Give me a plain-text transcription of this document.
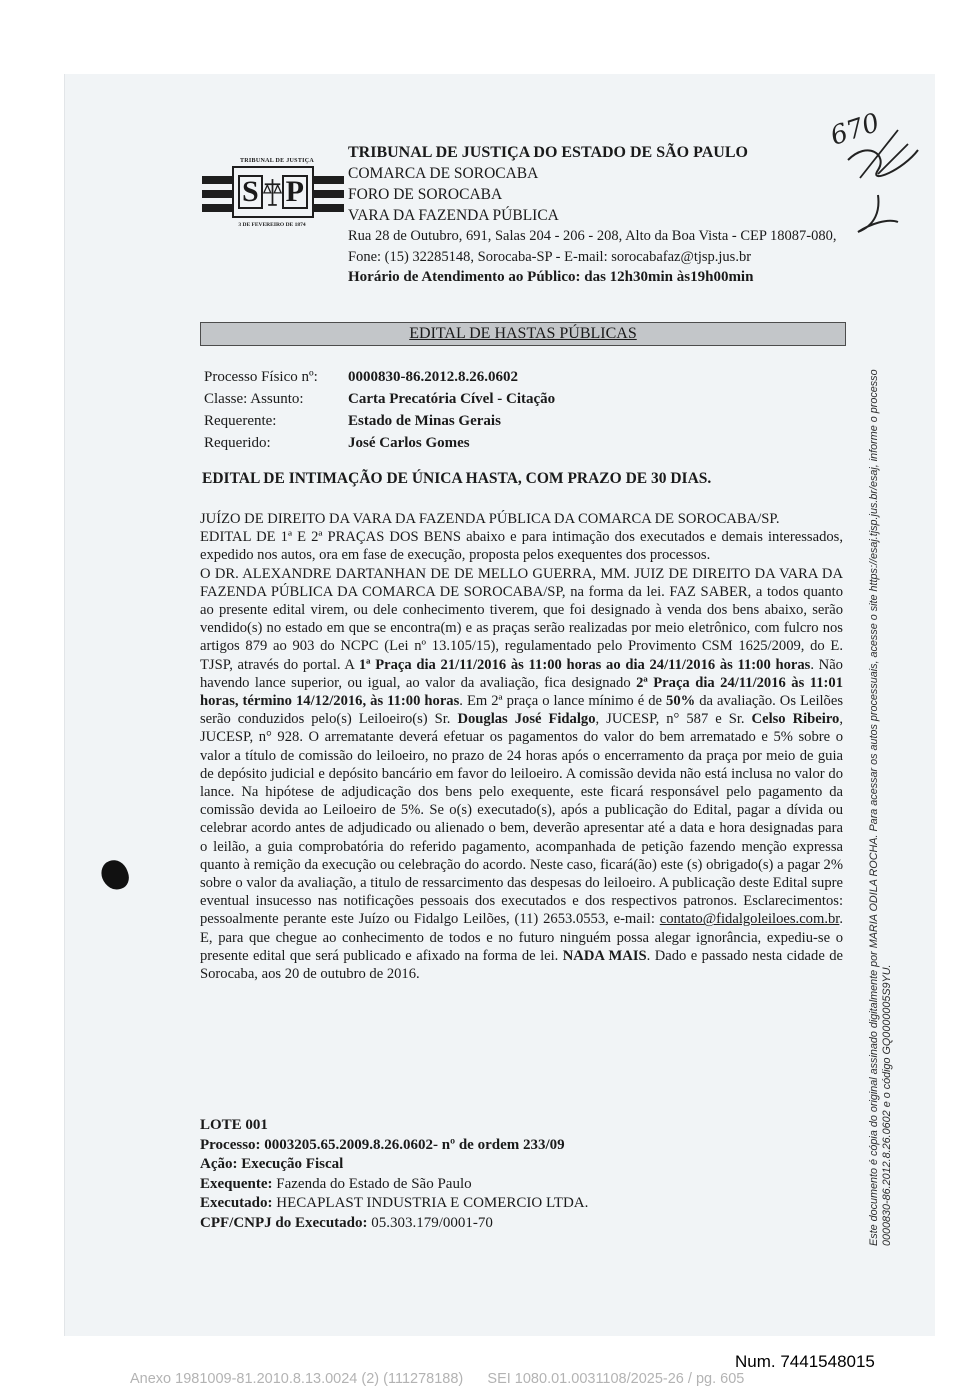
TRIBUNAL DE JUSTIÇA
S P
3 DE FEVEREIRO DE 1874
TRIBUNAL DE JUSTIÇA DO ESTADO DE SÃO PAULO
COMARCA DE SOROCABA
FORO DE SOROCABA
VARA DA FAZENDA PÚBLICA
Rua 28 de Outubro, 691, Salas 204 - 206 - 208, Alto da Boa Vista - CEP 18087-080, Fone: (15) 32285148, Sorocaba-SP - E-mail: sorocabafaz@tjsp.jus.br
Horário de Atendimento ao Público: das 12h30min às19h00min
670
EDITAL DE HASTAS PÚBLICAS
Processo Físico nº:	0000830-86.2012.8.26.0602
Classe: Assunto:	Carta Precatória Cível - Citação
Requerente:	Estado de Minas Gerais
Requerido:	José Carlos Gomes
EDITAL DE INTIMAÇÃO DE ÚNICA HASTA, COM PRAZO DE 30 DIAS.

JUÍZO DE DIREITO DA VARA DA FAZENDA PÚBLICA DA COMARCA DE SOROCABA/SP.

EDITAL DE 1ª E 2ª PRAÇAS DOS BENS abaixo e para intimação dos executados e demais interessados, expedido nos autos, ora em fase de execução, proposta pelos exequentes dos processos.

O DR. ALEXANDRE DARTANHAN DE DE MELLO GUERRA, MM. JUIZ DE DIREITO DA VARA DA FAZENDA PÚBLICA DA COMARCA DE SOROCABA/SP, na forma da lei. FAZ SABER, a todos quanto ao presente edital virem, ou dele conhecimento tiverem, que foi designado à venda dos bens abaixo, serão vendido(s) no estado em que se encontra(m) e as praças serão realizadas por meio eletrônico, com fulcro nos artigos 879 ao 903 do NCPC (Lei nº 13.105/15), regulamentado pelo Provimento CSM 1625/2009, do E. TJSP, através do portal. A 1ª Praça dia 21/11/2016 às 11:00 horas ao dia 24/11/2016 às 11:00 horas. Não havendo lance superior, ou igual, ao valor da avaliação, fica designado 2ª Praça dia 24/11/2016 às 11:01 horas, término 14/12/2016, às 11:00 horas. Em 2ª praça o lance mínimo é de 50% da avaliação. Os Leilões serão conduzidos pelo(s) Leiloeiro(s) Sr. Douglas José Fidalgo, JUCESP, n° 587 e Sr. Celso Ribeiro, JUCESP, n° 928. O arrematante deverá efetuar os pagamentos do valor do bem arrematado e 5% sobre o valor a título de comissão do leiloeiro, no prazo de 24 horas após o encerramento da praça por meio de guia de depósito judicial e depósito bancário em favor do leiloeiro. A comissão devida não está inclusa no valor do lance. Na hipótese de adjudicação dos bens pelo exequente, este ficará responsável pelo pagamento da comissão devida ao Leiloeiro de 5%. Se o(s) executado(s), após a publicação do Edital, pagar a dívida ou celebrar acordo antes de adjudicado ou alienado o bem, deverão apresentar até a data e hora designadas para o leilão, a guia comprobatória do referido pagamento, acompanhada de petição fazendo menção expressa quanto à remição da execução ou celebração do acordo. Neste caso, ficará(ão) este (s) obrigado(s) a pagar 2% sobre o valor da avaliação, a titulo de ressarcimento das despesas do leiloeiro. A publicação deste Edital supre eventual insucesso nas notificações pessoais dos executados e dos respectivos patronos. Esclarecimentos: pessoalmente perante este Juízo ou Fidalgo Leilões, (11) 2653.0553, e-mail: contato@fidalgoleiloes.com.br. E, para que chegue ao conhecimento de todos e no futuro ninguém possa alegar ignorância, expediu-se o presente edital que será publicado e afixado na forma de lei. NADA MAIS. Dado e passado nesta cidade de Sorocaba, aos 20 de outubro de 2016.

LOTE 001
Processo: 0003205.65.2009.8.26.0602- nº de ordem 233/09
Ação: Execução Fiscal
Exequente: Fazenda do Estado de São Paulo
Executado: HECAPLAST INDUSTRIA E COMERCIO LTDA.
CPF/CNPJ do Executado: 05.303.179/0001-70	Este documento é cópia do original assinado digitalmente por MARIA ODILA ROCHA. Para acessar os autos processuais, acesse o site https://esaj.tjsp.jus.br/esaj, informe o processo 0000830-86.2012.8.26.0602 e o código GQ0000005S9YU.
Num. 7441548015
Anexo 1981009-81.2010.8.13.0024 (2) (111278188) SEI 1080.01.0031108/2025-26 / pg. 605
